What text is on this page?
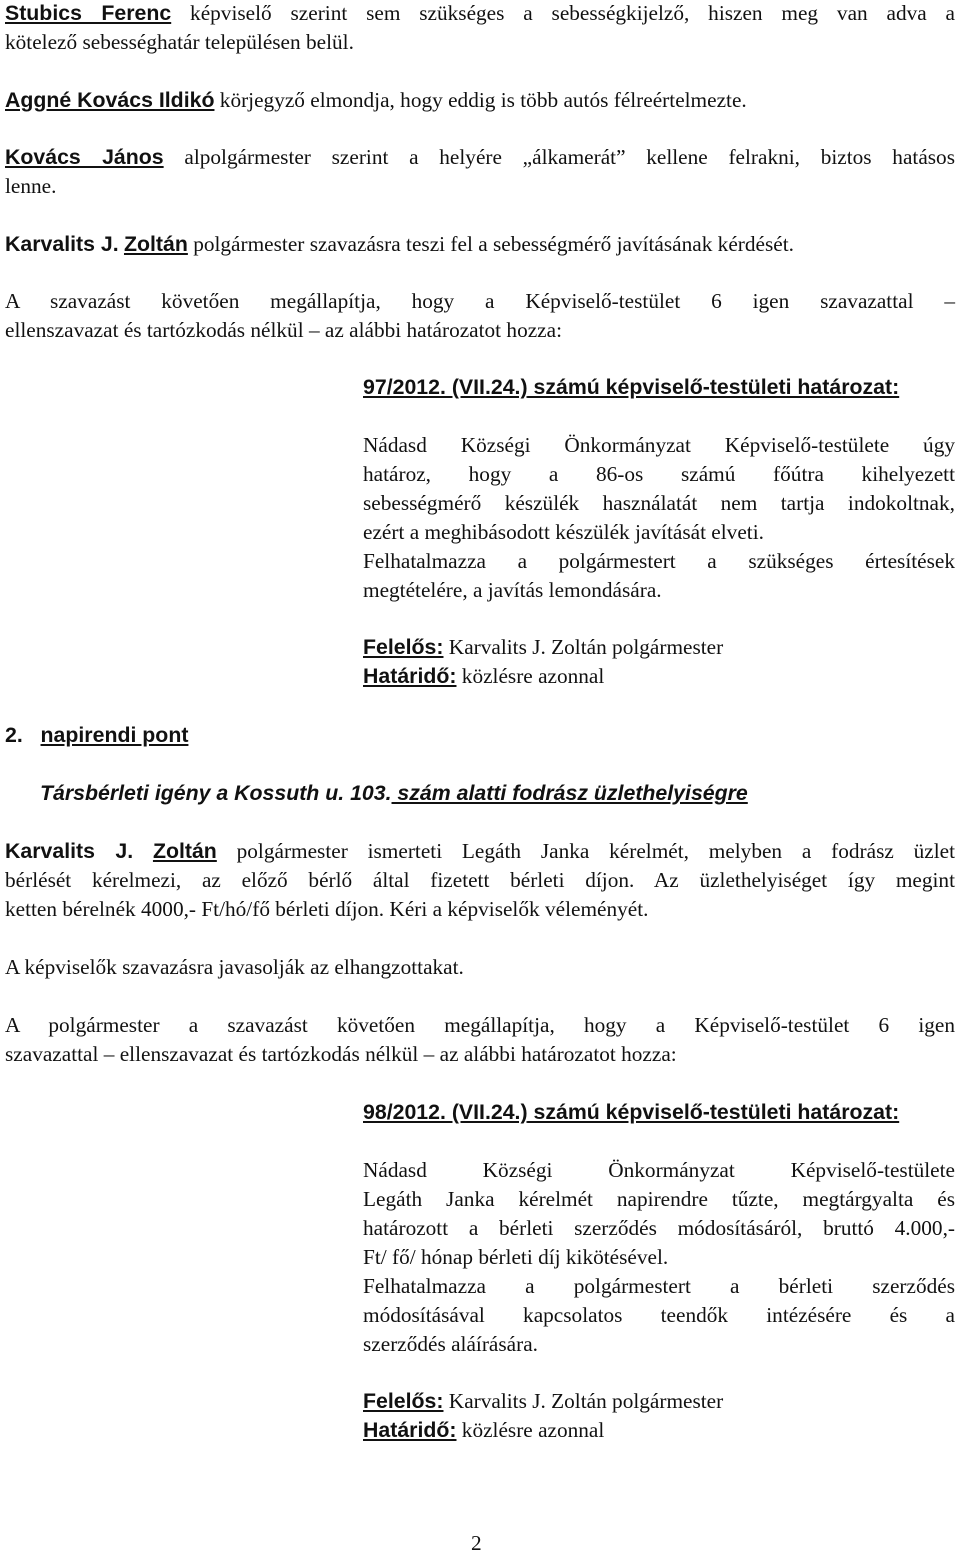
Stubics Ferenc képviselő szerint sem szükséges a sebességkijelző, hiszen meg van adva a
kötelező sebességhatár településen belül.
Aggné Kovács Ildikó körjegyző elmondja, hogy eddig is több autós félreértelmezte.
Kovács János alpolgármester szerint a helyére „álkamerát” kellene felrakni, biztos hatásos
lenne.
Karvalits J. Zoltán polgármester szavazásra teszi fel a sebességmérő javításának kérdését.
A szavazást követően megállapítja, hogy a Képviselő-testület 6 igen szavazattal –
ellenszavazat és tartózkodás nélkül – az alábbi határozatot hozza:
97/2012. (VII.24.) számú képviselő-testületi határozat:
Nádasd Községi Önkormányzat Képviselő-testülete úgy
határoz, hogy a 86-os számú főútra kihelyezett
sebességmérő készülék használatát nem tartja indokoltnak,
ezért a meghibásodott készülék javítását elveti.
Felhatalmazza a polgármestert a szükséges értesítések
megtételére, a javítás lemondására.
Felelős: Karvalits J. Zoltán polgármester
Határidő: közlésre azonnal
2. napirendi pont
Társbérleti igény a Kossuth u. 103. szám alatti fodrász üzlethelyiségre
Karvalits J. Zoltán polgármester ismerteti Legáth Janka kérelmét, melyben a fodrász üzlet
bérlését kérelmezi, az előző bérlő által fizetett bérleti díjon. Az üzlethelyiséget így megint
ketten bérelnék 4000,- Ft/hó/fő bérleti díjon. Kéri a képviselők véleményét.
A képviselők szavazásra javasolják az elhangzottakat.
A polgármester a szavazást követően megállapítja, hogy a Képviselő-testület 6 igen
szavazattal – ellenszavazat és tartózkodás nélkül – az alábbi határozatot hozza:
98/2012. (VII.24.) számú képviselő-testületi határozat:
Nádasd Községi Önkormányzat Képviselő-testülete
Legáth Janka kérelmét napirendre tűzte, megtárgyalta és
határozott a bérleti szerződés módosításáról, bruttó 4.000,-
Ft/ fő/ hónap bérleti díj kikötésével.
Felhatalmazza a polgármestert a bérleti szerződés
módosításával kapcsolatos teendők intézésére és a
szerződés aláírására.
Felelős: Karvalits J. Zoltán polgármester
Határidő: közlésre azonnal
2
